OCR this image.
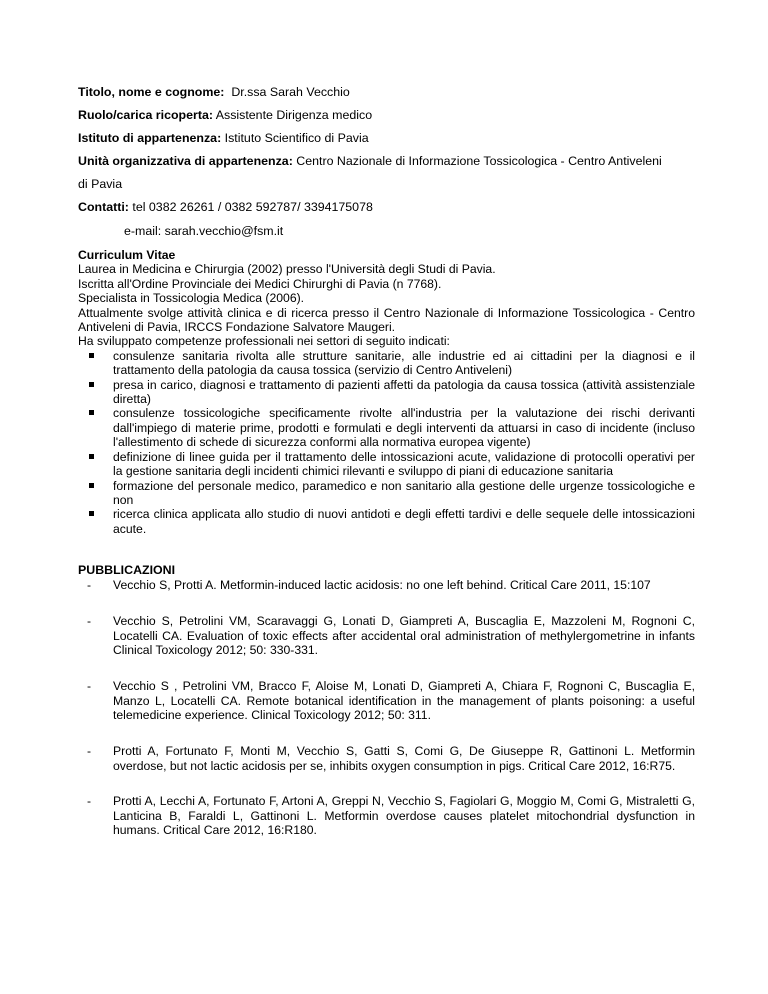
Titolo, nome e cognome: Dr.ssa Sarah Vecchio
Ruolo/carica ricoperta: Assistente Dirigenza medico
Istituto di appartenenza: Istituto Scientifico di Pavia
Unità organizzativa di appartenenza: Centro Nazionale di Informazione Tossicologica - Centro Antiveleni
di Pavia
Contatti: tel 0382 26261 / 0382 592787/ 3394175078
e-mail: sarah.vecchio@fsm.it
Curriculum Vitae
Laurea in Medicina e Chirurgia (2002) presso l'Università degli Studi di Pavia.
Iscritta all'Ordine Provinciale dei Medici Chirurghi di Pavia (n 7768).
Specialista in Tossicologia Medica (2006).
Attualmente svolge attività clinica e di ricerca presso il Centro Nazionale di Informazione Tossicologica - Centro Antiveleni di Pavia, IRCCS Fondazione Salvatore Maugeri.
Ha sviluppato competenze professionali nei settori di seguito indicati:
consulenze sanitaria rivolta alle strutture sanitarie, alle industrie ed ai cittadini per la diagnosi e il trattamento della patologia da causa tossica (servizio di Centro Antiveleni)
presa in carico, diagnosi e trattamento di pazienti affetti da patologia da causa tossica (attività assistenziale diretta)
consulenze tossicologiche specificamente rivolte all'industria per la valutazione dei rischi derivanti dall'impiego di materie prime, prodotti e formulati e degli interventi da attuarsi in caso di incidente (incluso l'allestimento di schede di sicurezza conformi alla normativa europea vigente)
definizione di linee guida per il trattamento delle intossicazioni acute, validazione di protocolli operativi per la gestione sanitaria degli incidenti chimici rilevanti e sviluppo di piani di educazione sanitaria
formazione del personale medico, paramedico e non sanitario alla gestione delle urgenze tossicologiche e non
ricerca clinica applicata allo studio di nuovi antidoti e degli effetti tardivi e delle sequele delle intossicazioni acute.
PUBBLICAZIONI
- Vecchio S, Protti A. Metformin-induced lactic acidosis: no one left behind. Critical Care 2011, 15:107
- Vecchio S, Petrolini VM, Scaravaggi G, Lonati D, Giampreti A, Buscaglia E, Mazzoleni M, Rognoni C, Locatelli CA. Evaluation of toxic effects after accidental oral administration of methylergometrine in infants Clinical Toxicology 2012; 50: 330-331.
- Vecchio S , Petrolini VM, Bracco F, Aloise M, Lonati D, Giampreti A, Chiara F, Rognoni C, Buscaglia E, Manzo L, Locatelli CA. Remote botanical identification in the management of plants poisoning: a useful telemedicine experience. Clinical Toxicology 2012; 50: 311.
- Protti A, Fortunato F, Monti M, Vecchio S, Gatti S, Comi G, De Giuseppe R, Gattinoni L. Metformin overdose, but not lactic acidosis per se, inhibits oxygen consumption in pigs. Critical Care 2012, 16:R75.
- Protti A, Lecchi A, Fortunato F, Artoni A, Greppi N, Vecchio S, Fagiolari G, Moggio M, Comi G, Mistraletti G, Lanticina B, Faraldi L, Gattinoni L. Metformin overdose causes platelet mitochondrial dysfunction in humans. Critical Care 2012, 16:R180.
